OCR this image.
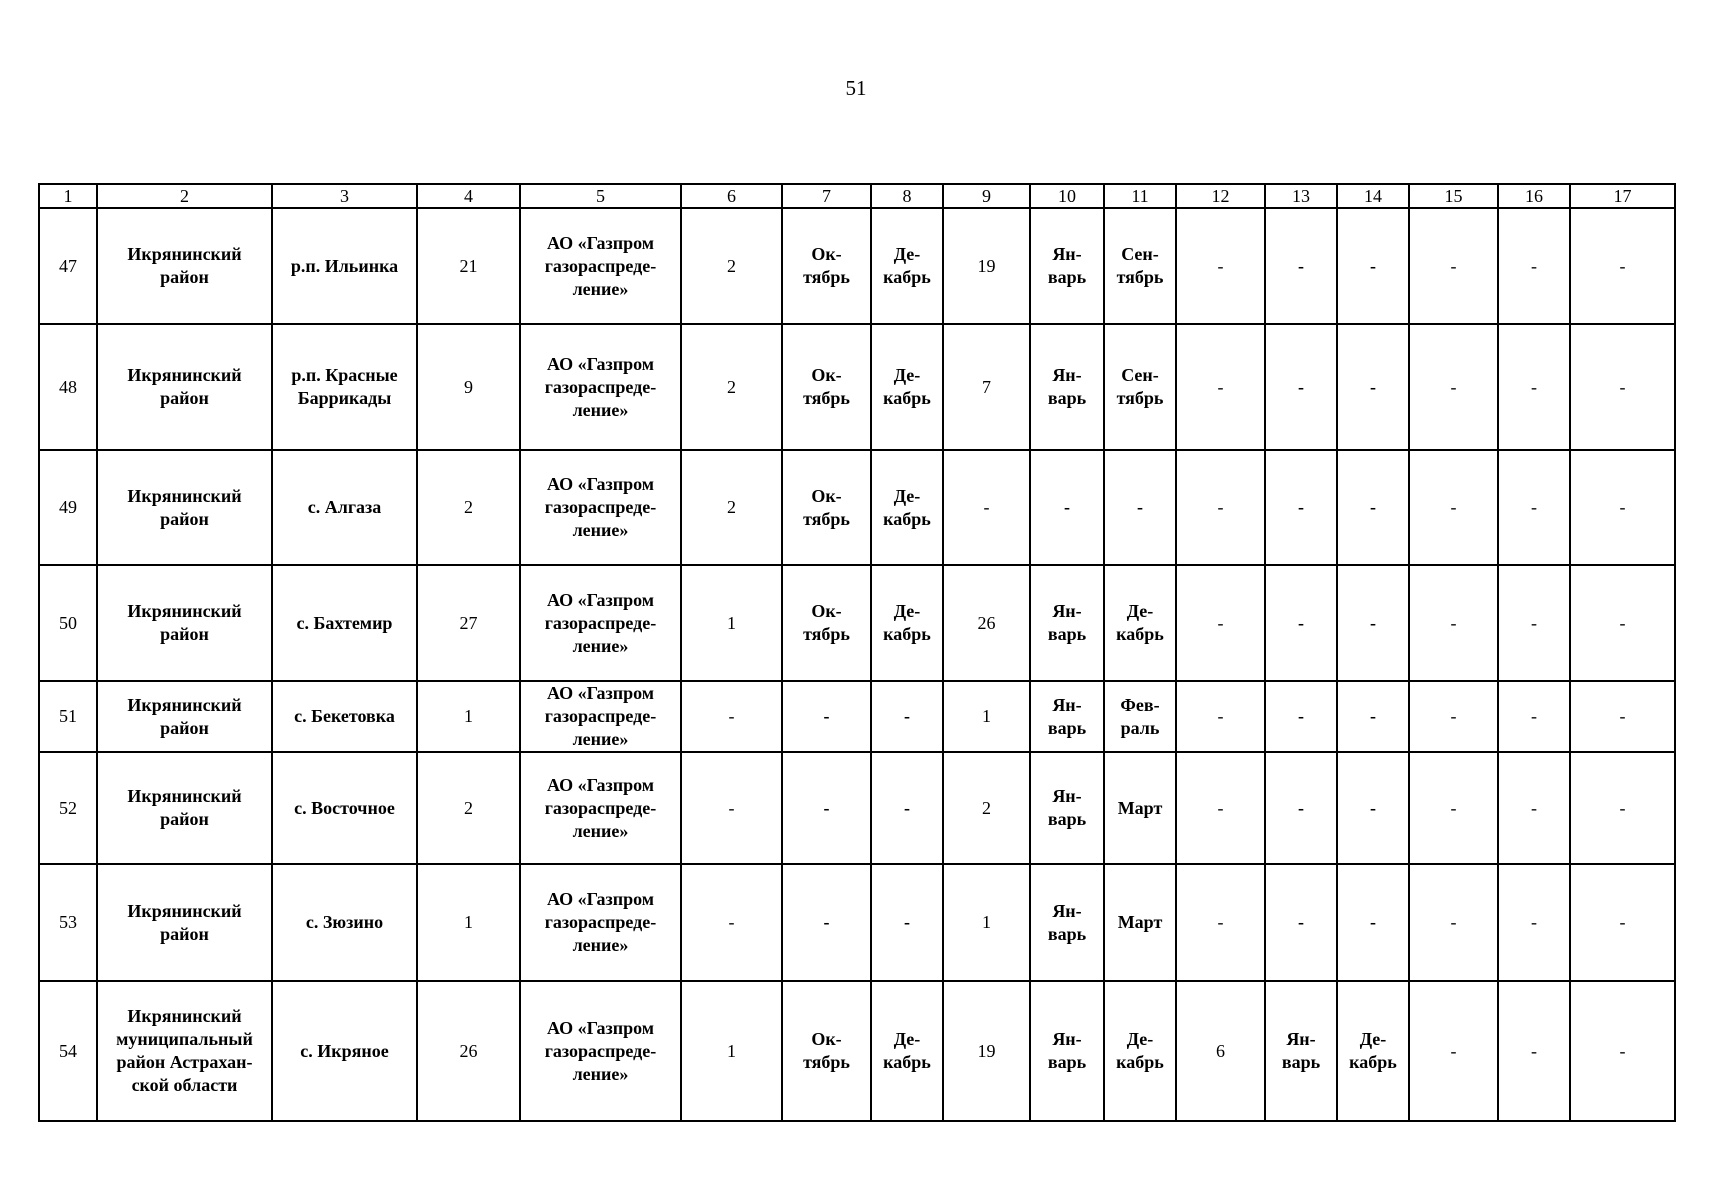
51
1	2	3	4	5	6	7	8	9	10	11	12	13	14	15	16	17
47	Икрянинский
район	р.п. Ильинка	21	АО «Газпром
газораспреде-
ление»	2	Ок-
тябрь	Де-
кабрь	19	Ян-
варь	Сен-
тябрь	-	-	-	-	-	-
48	Икрянинский
район	р.п. Красные
Баррикады	9	АО «Газпром
газораспреде-
ление»	2	Ок-
тябрь	Де-
кабрь	7	Ян-
варь	Сен-
тябрь	-	-	-	-	-	-
49	Икрянинский
район	с. Алгаза	2	АО «Газпром
газораспреде-
ление»	2	Ок-
тябрь	Де-
кабрь	-	-	-	-	-	-	-	-	-
50	Икрянинский
район	с. Бахтемир	27	АО «Газпром
газораспреде-
ление»	1	Ок-
тябрь	Де-
кабрь	26	Ян-
варь	Де-
кабрь	-	-	-	-	-	-
51	Икрянинский
район	с. Бекетовка	1	АО «Газпром
газораспреде-
ление»	-	-	-	1	Ян-
варь	Фев-
раль	-	-	-	-	-	-
52	Икрянинский
район	с. Восточное	2	АО «Газпром
газораспреде-
ление»	-	-	-	2	Ян-
варь	Март	-	-	-	-	-	-
53	Икрянинский
район	с. Зюзино	1	АО «Газпром
газораспреде-
ление»	-	-	-	1	Ян-
варь	Март	-	-	-	-	-	-
54	Икрянинский
муниципальный
район Астрахан-
ской области	с. Икряное	26	АО «Газпром
газораспреде-
ление»	1	Ок-
тябрь	Де-
кабрь	19	Ян-
варь	Де-
кабрь	6	Ян-
варь	Де-
кабрь	-	-	-
